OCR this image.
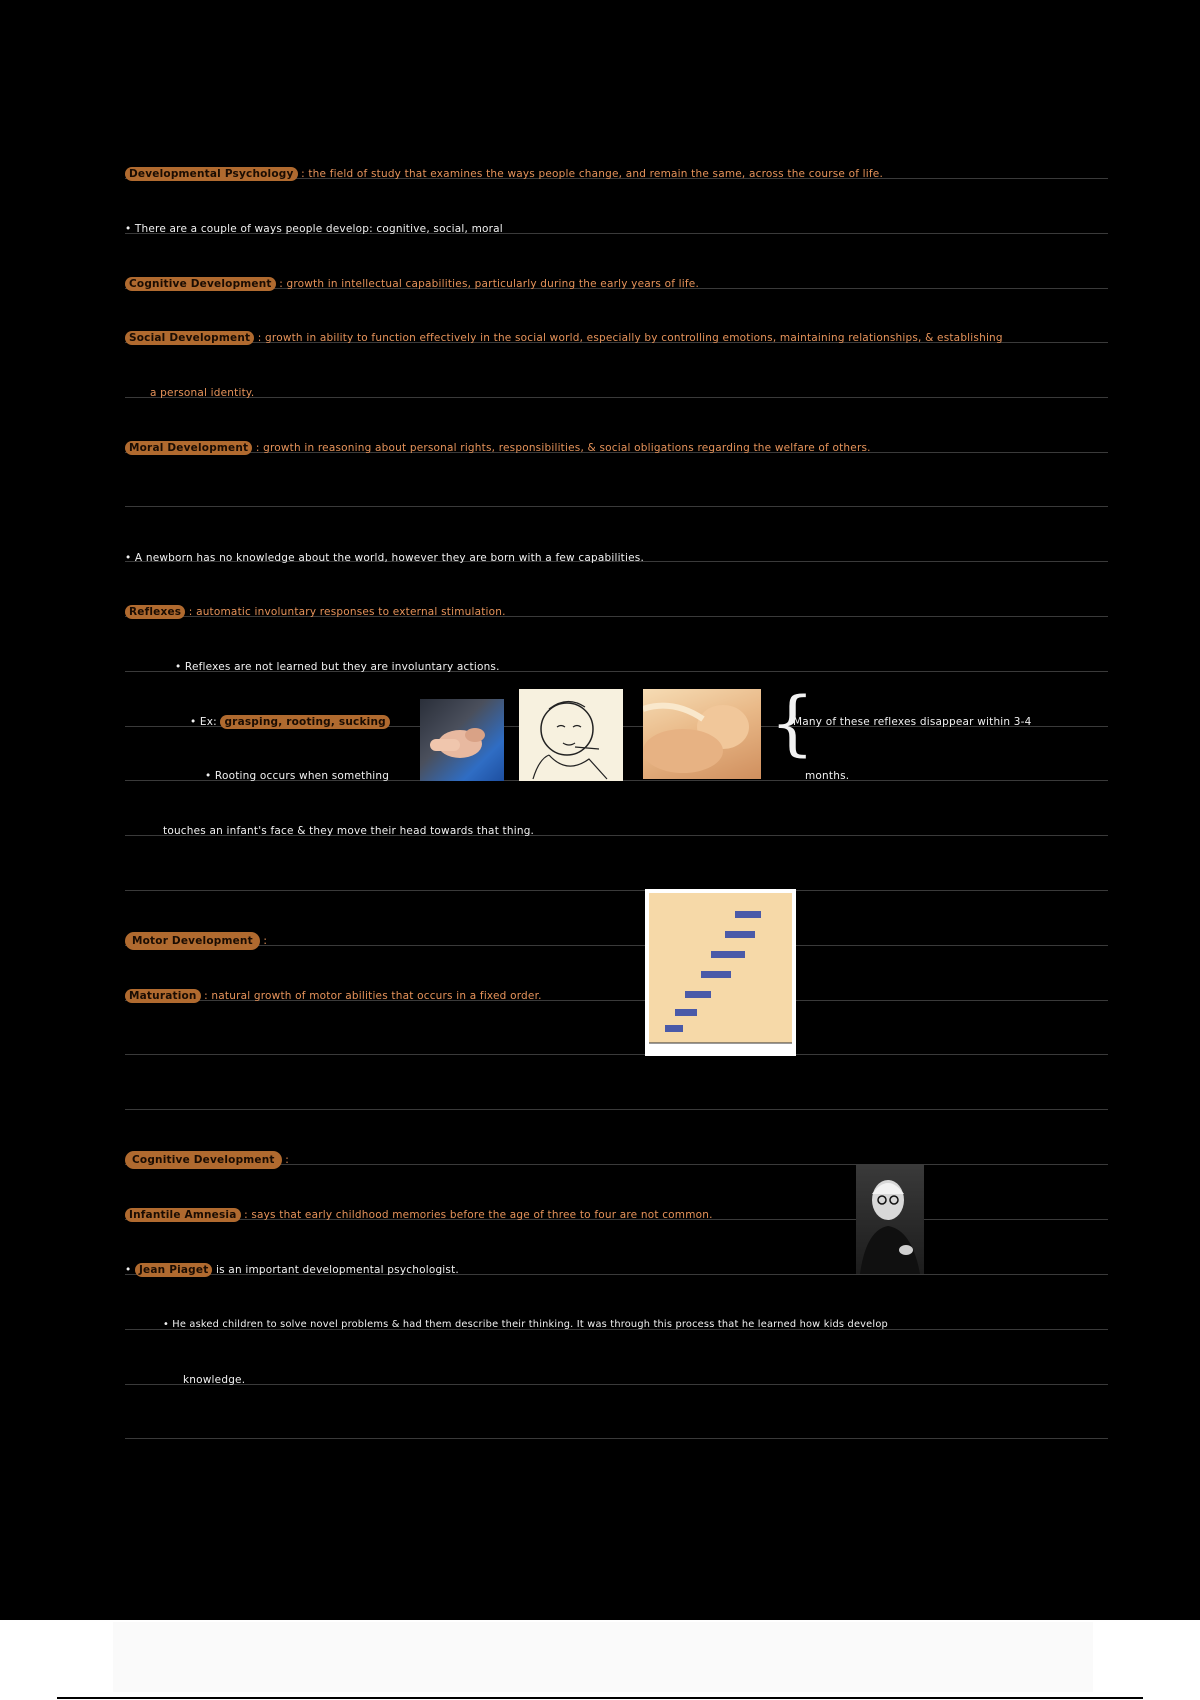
Developmental Psychology : the field of study that examines the ways people change, and remain the same, across the course of life.
• There are a couple of ways people develop: cognitive, social, moral
Cognitive Development : growth in intellectual capabilities, particularly during the early years of life.
Social Development : growth in ability to function effectively in the social world, especially by controlling emotions, maintaining relationships, & establishing
a personal identity.
Moral Development : growth in reasoning about personal rights, responsibilities, & social obligations regarding the welfare of others.
• A newborn has no knowledge about the world, however they are born with a few capabilities.
Reflexes : automatic involuntary responses to external stimulation.
• Reflexes are not learned but they are involuntary actions.
• Ex: grasping, rooting, sucking
• Rooting occurs when something
touches an infant's face & they move their head towards that thing.
{
Many of these reflexes disappear within 3-4
months.
Motor Development :
Maturation : natural growth of motor abilities that occurs in a fixed order.
Cognitive Development :
Infantile Amnesia : says that early childhood memories before the age of three to four are not common.
• Jean Piaget is an important developmental psychologist.
• He asked children to solve novel problems & had them describe their thinking. It was through this process that he learned how kids develop
knowledge.
